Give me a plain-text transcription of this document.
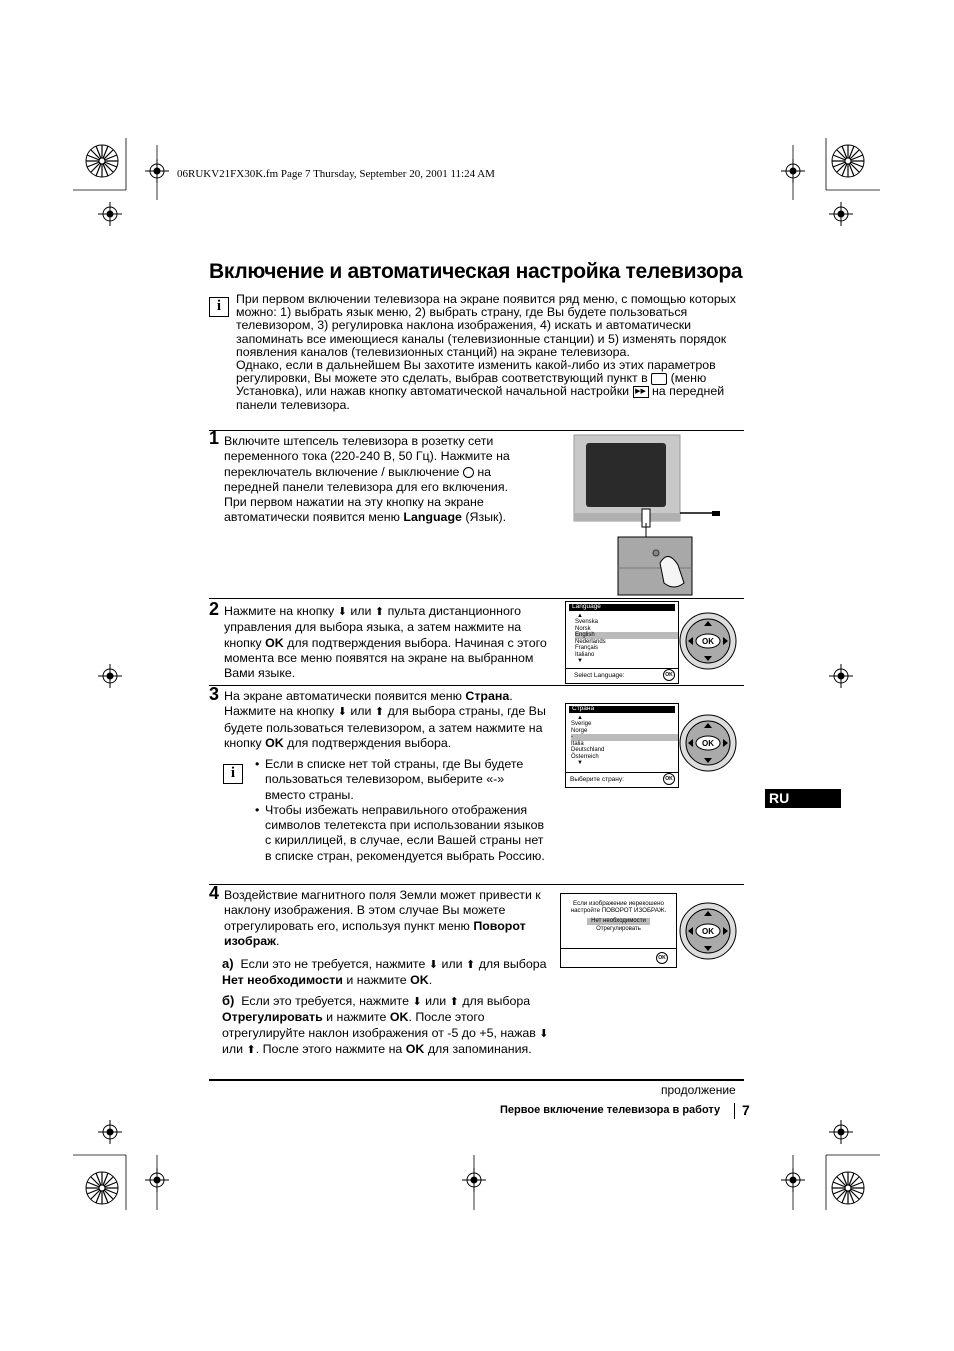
06RUKV21FX30K.fm Page 7 Thursday, September 20, 2001 11:24 AM
Включение и автоматическая настройка телевизора
i	При первом включении телевизора на экране появится ряд меню, с помощью которых можно: 1) выбрать язык меню, 2) выбрать страну, где Вы будете пользоваться телевизором, 3) регулировка наклона изображения, 4) искать и автоматически запоминать все имеющиеся каналы (телевизионные станции) и 5) изменять порядок появления каналов (телевизионных станций) на экране телевизора.
Однако, если в дальнейшем Вы захотите изменить какой-либо из этих параметров регулировки, Вы можете это сделать, выбрав соответствующий пункт в (меню Установка), или нажав кнопку автоматической начальной настройки ▶▶ на передней панели телевизора.
1 Включите штепсель телевизора в розетку сети переменного тока (220-240 В, 50 Гц). Нажмите на переключатель включение / выключение на передней панели телевизора для его включения. При первом нажатии на эту кнопку на экране автоматически появится меню Language (Язык).
2 Нажмите на кнопку ⬇ или ⬆ пульта дистанционного управления для выбора языка, а затем нажмите на кнопку OK для подтверждения выбора. Начиная с этого момента все меню появятся на экране на выбранном Вами языке.
Language
▲
Svenska
Norsk
English
Nederlands
Français
Italiano
▼
Select Language:	OK
OK
3 На экране автоматически появится меню Страна. Нажмите на кнопку ⬇ или ⬆ для выбора страны, где Вы будете пользоваться телевизором, а затем нажмите на кнопку OK для подтверждения выбора.
i
• Если в списке нет той страны, где Вы будете пользоваться телевизором, выберите «-» вместо страны.
• Чтобы избежать неправильного отображения символов телетекста при использовании языков с кириллицей, в случае, если Вашей страны нет в списке стран, рекомендуется выбрать Россию.
Страна
▲
Sverige
Norge
-
Italia
Deutschland
Österreich
▼
Выберите страну:	OK
OK
RU
4 Воздействие магнитного поля Земли может привести к наклону изображения. В этом случае Вы можете отрегулировать его, используя пункт меню Поворот изображ.
a) Если это не требуется, нажмите ⬇ или ⬆ для выбора Нет необходимости и нажмите OK.
б) Если это требуется, нажмите ⬇ или ⬆ для выбора Отрегулировать и нажмите OK. После этого отрегулируйте наклон изображения от -5 до +5, нажав ⬇ или ⬆. После этого нажмите на OK для запоминания.
Если изображение иерекошено настройте ПОВОРОТ ИЗОБРАЖ.
Нет необходимости
Отрегулировать
OK
OK
продолжение
Первое включение телевизора в работу 7
